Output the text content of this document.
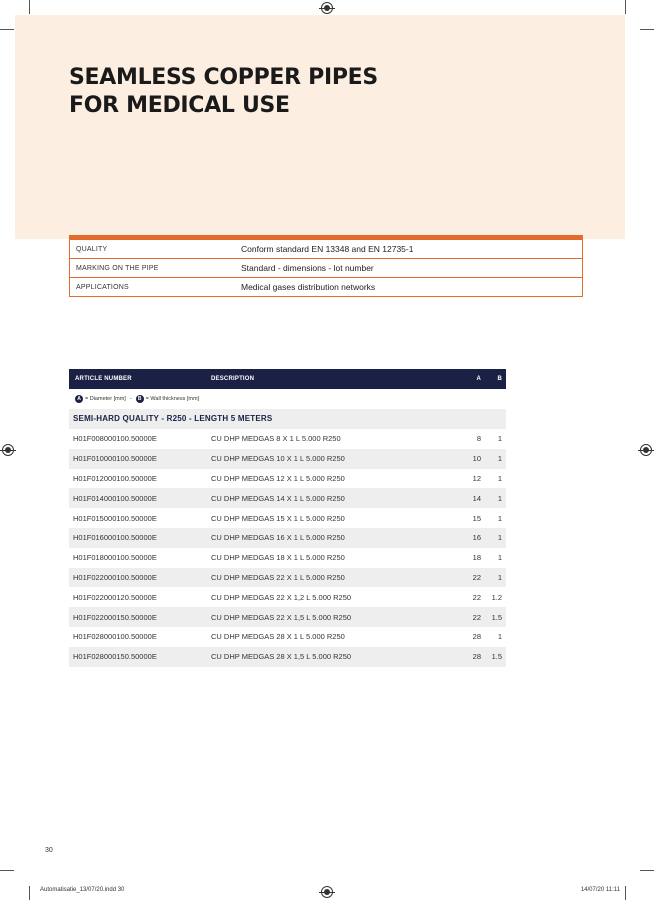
SEAMLESS COPPER PIPES
FOR MEDICAL USE
QUALITY	Conform standard EN 13348 and EN 12735-1
MARKING ON THE PIPE	Standard - dimensions - lot number
APPLICATIONS	Medical gases distribution networks
ARTICLE NUMBER	DESCRIPTION	A	B
A = Diameter [mm] -	B = Wall thickness [mm]
SEMI-HARD QUALITY - R250 - LENGTH 5 METERS
H01F008000100.50000E	CU DHP MEDGAS 8 X 1 L 5.000 R250	8	1
H01F010000100.50000E	CU DHP MEDGAS 10 X 1 L 5.000 R250	10	1
H01F012000100.50000E	CU DHP MEDGAS 12 X 1 L 5.000 R250	12	1
H01F014000100.50000E	CU DHP MEDGAS 14 X 1 L 5.000 R250	14	1
H01F015000100.50000E	CU DHP MEDGAS 15 X 1 L 5.000 R250	15	1
H01F016000100.50000E	CU DHP MEDGAS 16 X 1 L 5.000 R250	16	1
H01F018000100.50000E	CU DHP MEDGAS 18 X 1 L 5.000 R250	18	1
H01F022000100.50000E	CU DHP MEDGAS 22 X 1 L 5.000 R250	22	1
H01F022000120.50000E	CU DHP MEDGAS 22 X 1,2 L 5.000 R250	22	1.2
H01F022000150.50000E	CU DHP MEDGAS 22 X 1,5 L 5.000 R250	22	1.5
H01F028000100.50000E	CU DHP MEDGAS 28 X 1 L 5.000 R250	28	1
H01F028000150.50000E	CU DHP MEDGAS 28 X 1,5 L 5.000 R250	28	1.5
30
Automatisatie_13/07/20.indd 30	14/07/20 11:11
